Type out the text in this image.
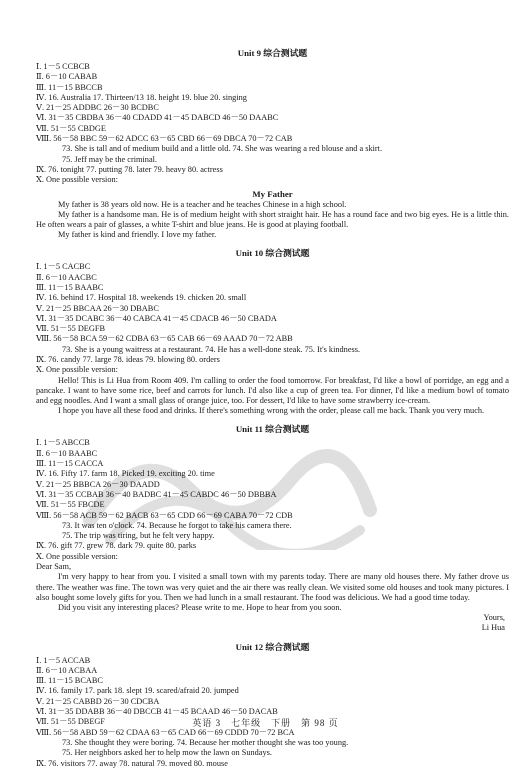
Unit 9 综合测试题
Ⅰ. 1－5 CCBCB
Ⅱ. 6－10 CABAB
Ⅲ. 11－15 BBCCB
Ⅳ. 16. Australia 17. Thirteen/13 18. height 19. blue 20. singing
Ⅴ. 21－25 ADDBC 26－30 BCDBC
Ⅵ. 31－35 CBDBA 36－40 CDADD 41－45 DABCD 46－50 DAABC
Ⅶ. 51－55 CBDGE
Ⅷ. 56－58 BBC 59－62 ADCC 63－65 CBD 66－69 DBCA 70－72 CAB
73. She is tall and of medium build and a little old. 74. She was wearing a red blouse and a skirt.
75. Jeff may be the criminal.
Ⅸ. 76. tonight 77. putting 78. later 79. heavy 80. actress
Ⅹ. One possible version:
My Father
My father is 38 years old now. He is a teacher and he teaches Chinese in a high school.
My father is a handsome man. He is of medium height with short straight hair. He has a round face and two big eyes. He is a little thin. He often wears a pair of glasses, a white T-shirt and blue jeans. He is good at playing football.
My father is kind and friendly. I love my father.
Unit 10 综合测试题
Ⅰ. 1－5 CACBC
Ⅱ. 6－10 AACBC
Ⅲ. 11－15 BAABC
Ⅳ. 16. behind 17. Hospital 18. weekends 19. chicken 20. small
Ⅴ. 21－25 BBCAA 26－30 DBABC
Ⅵ. 31－35 DCABC 36－40 CABCA 41－45 CDACB 46－50 CBADA
Ⅶ. 51－55 DEGFB
Ⅷ. 56－58 BCA 59－62 CDBA 63－65 CAB 66－69 AAAD 70－72 ABB
73. She is a young waitress at a restaurant. 74. He has a well-done steak. 75. It's kindness.
Ⅸ. 76. candy 77. large 78. ideas 79. blowing 80. orders
Ⅹ. One possible version:
Hello! This is Li Hua from Room 409. I'm calling to order the food tomorrow. For breakfast, I'd like a bowl of porridge, an egg and a pancake. I want to have some rice, beef and carrots for lunch. I'd also like a cup of green tea. For dinner, I'd like a medium bowl of tomato and egg noodles. And I want a small glass of orange juice, too. For dessert, I'd like to have some strawberry ice-cream.
I hope you have all these food and drinks. If there's something wrong with the order, please call me back. Thank you very much.
Unit 11 综合测试题
Ⅰ. 1－5 ABCCB
Ⅱ. 6－10 BAABC
Ⅲ. 11－15 CACCA
Ⅳ. 16. Fifty 17. farm 18. Picked 19. exciting 20. time
Ⅴ. 21－25 BBBCA 26－30 DAADD
Ⅵ. 31－35 CCBAB 36－40 BADBC 41－45 CABDC 46－50 DBBBA
Ⅶ. 51－55 FBCDE
Ⅷ. 56－58 ACB 59－62 BACB 63－65 CDD 66－69 CABA 70－72 CDB
73. It was ten o'clock. 74. Because he forgot to take his camera there.
75. The trip was tiring, but he felt very happy.
Ⅸ. 76. gift 77. grew 78. dark 79. quite 80. parks
Ⅹ. One possible version:
Dear Sam,
I'm very happy to hear from you. I visited a small town with my parents today. There are many old houses there. My father drove us there. The weather was fine. The town was very quiet and the air there was really clean. We visited some old houses and took many pictures. I also bought some lovely gifts for you. Then we had lunch in a small restaurant. The food was delicious. We had a good time today.
Did you visit any interesting places? Please write to me. Hope to hear from you soon.
Yours,
Li Hua
Unit 12 综合测试题
Ⅰ. 1－5 ACCAB
Ⅱ. 6－10 ACBAA
Ⅲ. 11－15 BCABC
Ⅳ. 16. family 17. park 18. slept 19. scared/afraid 20. jumped
Ⅴ. 21－25 CABBD 26－30 CDCBA
Ⅵ. 31－35 DDABB 36－40 DBCCB 41－45 BCAAD 46－50 DACAB
Ⅶ. 51－55 DBEGF
Ⅷ. 56－58 ABD 59－62 CDAA 63－65 CAD 66－69 CDDD 70－72 BCA
73. She thought they were boring. 74. Because her mother thought she was too young.
75. Her neighbors asked her to help mow the lawn on Sundays.
Ⅸ. 76. visitors 77. away 78. natural 79. moved 80. mouse
英语 3　七年级　下册　第 98 页
